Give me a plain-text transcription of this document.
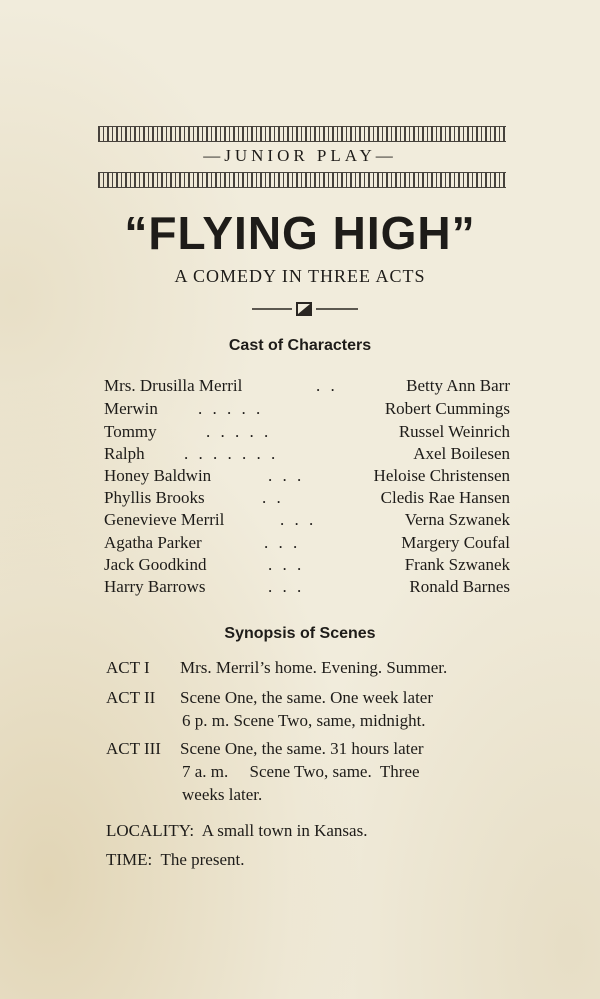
—JUNIOR PLAY—
“FLYING HIGH”
A COMEDY IN THREE ACTS
Cast of Characters
Mrs. Drusilla Merril	. .	Betty Ann Barr
Merwin . . . . .	Robert Cummings
Tommy	. . . . .	Russel Weinrich
Ralph . . . . . . .	Axel Boilesen
Honey Baldwin	. . .	Heloise Christensen
Phyllis Brooks	. .	Cledis Rae Hansen
Genevieve Merril	. . .	Verna Szwanek
Agatha Parker	. . .	Margery Coufal
Jack Goodkind	. . .	Frank Szwanek
Harry Barrows	. . .	Ronald Barnes
Synopsis of Scenes
ACT I Mrs. Merril’s home. Evening. Summer.
ACT II Scene One, the same. One week later
6 p. m. Scene Two, same, midnight.
ACT III Scene One, the same. 31 hours later
7 a. m.     Scene Two, same.  Three
weeks later.
LOCALITY:  A small town in Kansas.
TIME:  The present.
